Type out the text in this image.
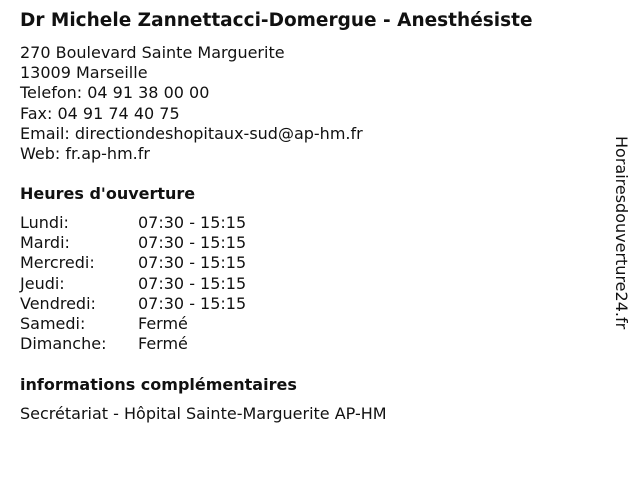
Dr Michele Zannettacci-Domergue - Anesthésiste
270 Boulevard Sainte Marguerite
13009 Marseille
Telefon: 04 91 38 00 00
Fax: 04 91 74 40 75
Email: directiondeshopitaux-sud@ap-hm.fr
Web: fr.ap-hm.fr
Heures d'ouverture
Lundi:	07:30 - 15:15
Mardi:	07:30 - 15:15
Mercredi:	07:30 - 15:15
Jeudi:	07:30 - 15:15
Vendredi:	07:30 - 15:15
Samedi:	Fermé
Dimanche: Fermé
informations complémentaires
Secrétariat - Hôpital Sainte-Marguerite AP-HM
Horairesdouverture24.fr
